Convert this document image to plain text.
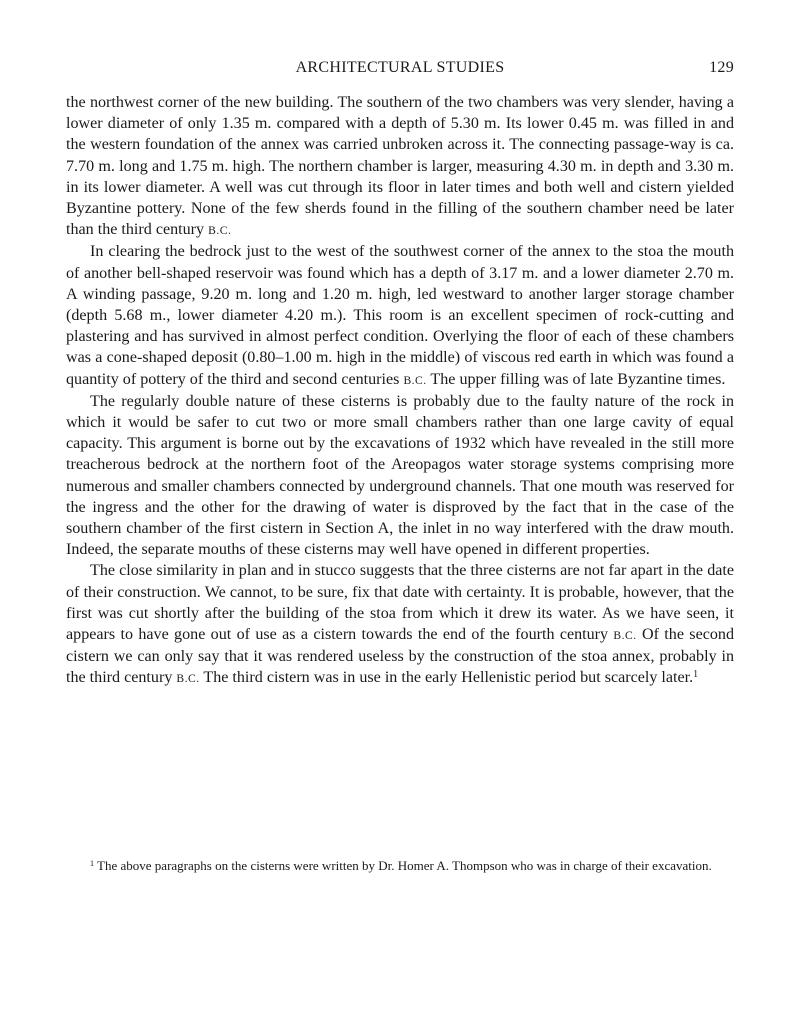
ARCHITECTURAL STUDIES	129

the northwest corner of the new building. The southern of the two chambers was very slender, having a lower diameter of only 1.35 m. compared with a depth of 5.30 m. Its lower 0.45 m. was filled in and the western foundation of the annex was carried unbroken across it. The connecting passage-way is ca. 7.70 m. long and 1.75 m. high. The northern chamber is larger, measuring 4.30 m. in depth and 3.30 m. in its lower diameter. A well was cut through its floor in later times and both well and cistern yielded Byzantine pottery. None of the few sherds found in the filling of the southern chamber need be later than the third century B.C.

In clearing the bedrock just to the west of the southwest corner of the annex to the stoa the mouth of another bell-shaped reservoir was found which has a depth of 3.17 m. and a lower diameter 2.70 m. A winding passage, 9.20 m. long and 1.20 m. high, led westward to another larger storage chamber (depth 5.68 m., lower diameter 4.20 m.). This room is an excellent specimen of rock-cutting and plastering and has survived in almost perfect condition. Overlying the floor of each of these chambers was a cone-shaped deposit (0.80–1.00 m. high in the middle) of viscous red earth in which was found a quantity of pottery of the third and second centuries B.C. The upper filling was of late Byzantine times.

The regularly double nature of these cisterns is probably due to the faulty nature of the rock in which it would be safer to cut two or more small chambers rather than one large cavity of equal capacity. This argument is borne out by the excavations of 1932 which have revealed in the still more treacherous bedrock at the northern foot of the Areopagos water storage systems comprising more numerous and smaller chambers connected by underground channels. That one mouth was reserved for the ingress and the other for the drawing of water is disproved by the fact that in the case of the southern chamber of the first cistern in Section A, the inlet in no way interfered with the draw mouth. Indeed, the separate mouths of these cisterns may well have opened in different properties.

The close similarity in plan and in stucco suggests that the three cisterns are not far apart in the date of their construction. We cannot, to be sure, fix that date with certainty. It is probable, however, that the first was cut shortly after the building of the stoa from which it drew its water. As we have seen, it appears to have gone out of use as a cistern towards the end of the fourth century B.C. Of the second cistern we can only say that it was rendered useless by the construction of the stoa annex, probably in the third century B.C. The third cistern was in use in the early Hellenistic period but scarcely later.$^1$

$^1$ The above paragraphs on the cisterns were written by Dr. Homer A. Thompson who was in charge of their excavation.
